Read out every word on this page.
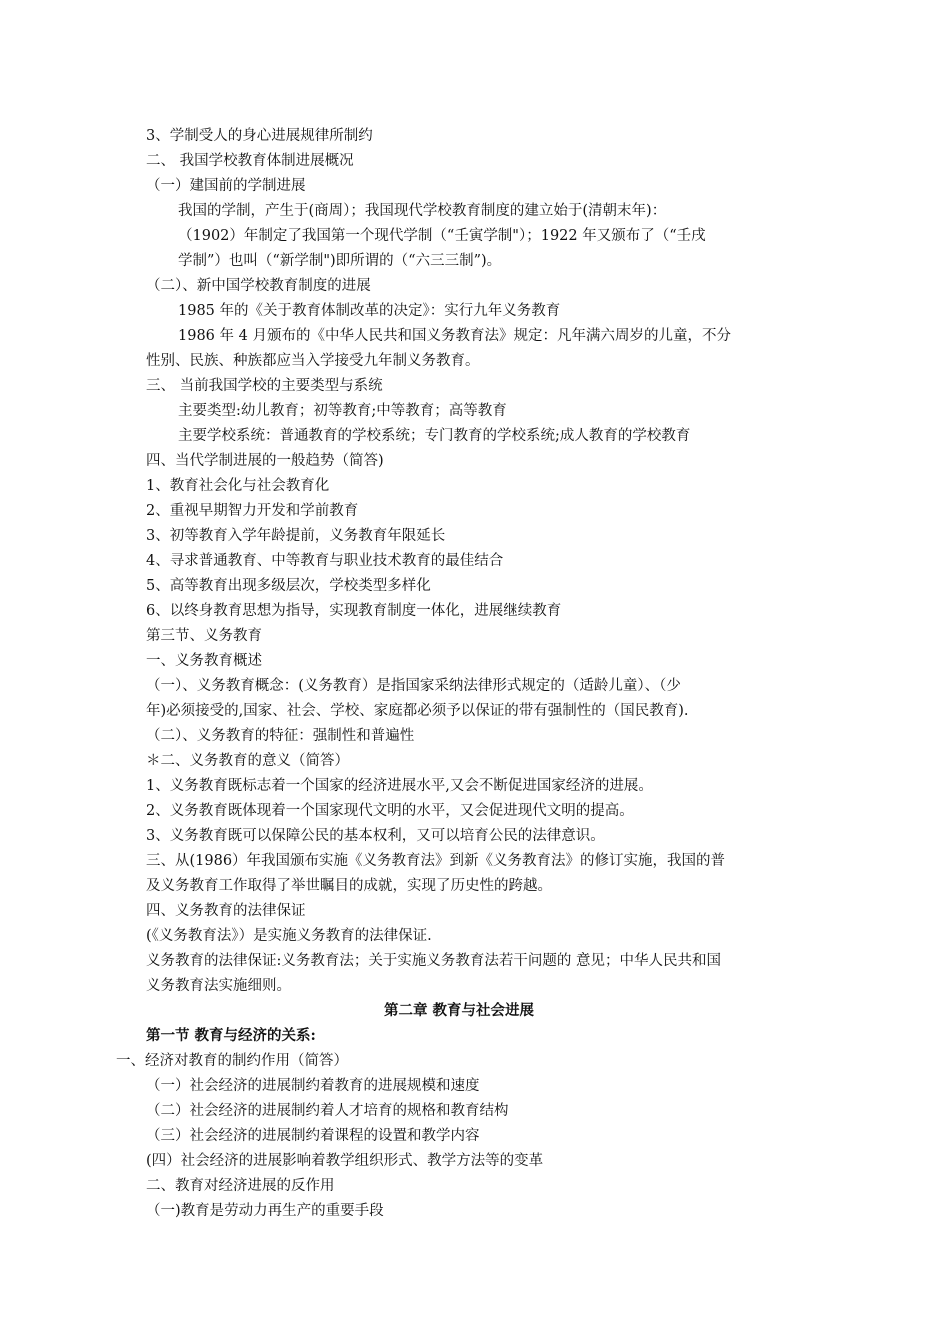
3、学制受人的身心进展规律所制约
二、 我国学校教育体制进展概况
（一）建国前的学制进展
我国的学制，产生于(商周）；我国现代学校教育制度的建立始于(清朝末年)：
（1902）年制定了我国第一个现代学制（“壬寅学制"）；1922 年又颁布了（“壬戌
学制”）也叫（“新学制")即所谓的（“六三三制”)。
（二）、新中国学校教育制度的进展
1985 年的《关于教育体制改革的决定》：实行九年义务教育
1986 年 4 月颁布的《中华人民共和国义务教育法》规定：凡年满六周岁的儿童，不分
性别、民族、种族都应当入学接受九年制义务教育。
三、 当前我国学校的主要类型与系统
主要类型:幼儿教育；初等教育;中等教育；高等教育
主要学校系统：普通教育的学校系统；专门教育的学校系统;成人教育的学校教育
四、当代学制进展的一般趋势（简答)
1、教育社会化与社会教育化
2、重视早期智力开发和学前教育
3、初等教育入学年龄提前，义务教育年限延长
4、寻求普通教育、中等教育与职业技术教育的最佳结合
5、高等教育出现多级层次，学校类型多样化
6、以终身教育思想为指导，实现教育制度一体化，进展继续教育
第三节、义务教育
一、义务教育概述
（一）、义务教育概念：(义务教育）是指国家采纳法律形式规定的（适龄儿童）、（少
年)必须接受的,国家、社会、学校、家庭都必须予以保证的带有强制性的（国民教育).
（二）、义务教育的特征：强制性和普遍性
＊二、义务教育的意义（简答）
1、义务教育既标志着一个国家的经济进展水平,又会不断促进国家经济的进展。
2、义务教育既体现着一个国家现代文明的水平，又会促进现代文明的提高。
3、义务教育既可以保障公民的基本权利，又可以培育公民的法律意识。
三、从(1986）年我国颁布实施《义务教育法》到新《义务教育法》的修订实施，我国的普
及义务教育工作取得了举世瞩目的成就，实现了历史性的跨越。
四、义务教育的法律保证
(《义务教育法》）是实施义务教育的法律保证.
义务教育的法律保证:义务教育法；关于实施义务教育法若干问题的 意见；中华人民共和国
义务教育法实施细则。
第二章 教育与社会进展
第一节 教育与经济的关系:
一、经济对教育的制约作用（简答）
（一）社会经济的进展制约着教育的进展规模和速度
（二）社会经济的进展制约着人才培育的规格和教育结构
（三）社会经济的进展制约着课程的设置和教学内容
(四）社会经济的进展影响着教学组织形式、教学方法等的变革
二、教育对经济进展的反作用
（一)教育是劳动力再生产的重要手段
